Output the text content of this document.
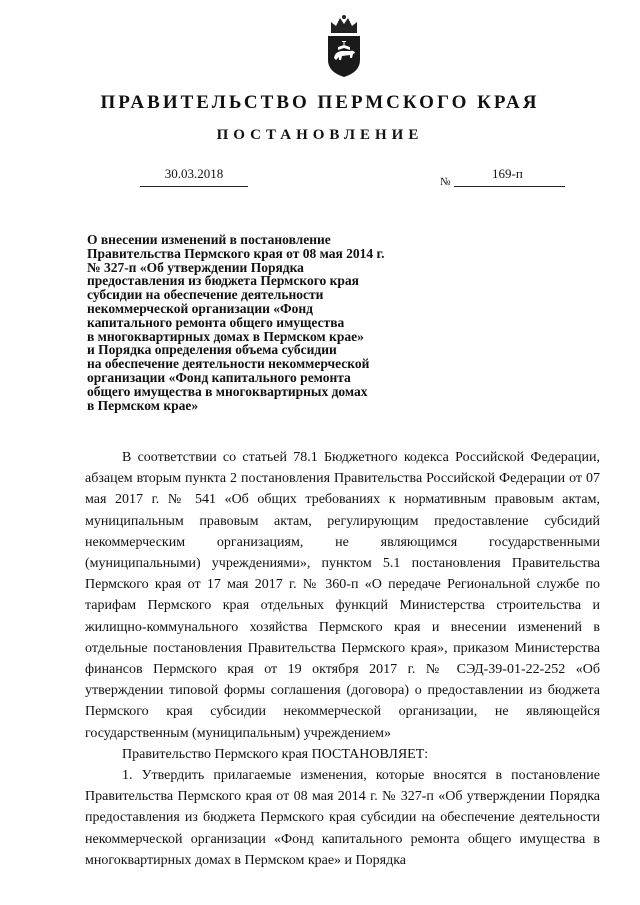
ПРАВИТЕЛЬСТВО ПЕРМСКОГО КРАЯ
ПОСТАНОВЛЕНИЕ
30.03.2018
№
169-п
О внесении изменений в постановление
Правительства Пермского края от 08 мая 2014 г.
№ 327-п «Об утверждении Порядка
предоставления из бюджета Пермского края
субсидии на обеспечение деятельности
некоммерческой организации «Фонд
капитального ремонта общего имущества
в многоквартирных домах в Пермском крае»
и Порядка определения объема субсидии
на обеспечение деятельности некоммерческой
организации «Фонд капитального ремонта
общего имущества в многоквартирных домах
в Пермском крае»

В соответствии со статьей 78.1 Бюджетного кодекса Российской Федерации, абзацем вторым пункта 2 постановления Правительства Российской Федерации от 07 мая 2017 г. № 541 «Об общих требованиях к нормативным правовым актам, муниципальным правовым актам, регулирующим предоставление субсидий некоммерческим организациям, не являющимся государственными (муниципальными) учреждениями», пунктом 5.1 постановления Правительства Пермского края от 17 мая 2017 г. № 360-п «О передаче Региональной службе по тарифам Пермского края отдельных функций Министерства строительства и жилищно-коммунального хозяйства Пермского края и внесении изменений в отдельные постановления Правительства Пермского края», приказом Министерства финансов Пермского края от 19 октября 2017 г. № СЭД-39-01-22-252 «Об утверждении типовой формы соглашения (договора) о предоставлении из бюджета Пермского края субсидии некоммерческой организации, не являющейся государственным (муниципальным) учреждением»

Правительство Пермского края ПОСТАНОВЛЯЕТ:

1. Утвердить прилагаемые изменения, которые вносятся в постановление Правительства Пермского края от 08 мая 2014 г. № 327-п «Об утверждении Порядка предоставления из бюджета Пермского края субсидии на обеспечение деятельности некоммерческой организации «Фонд капитального ремонта общего имущества в многоквартирных домах в Пермском крае» и Порядка
